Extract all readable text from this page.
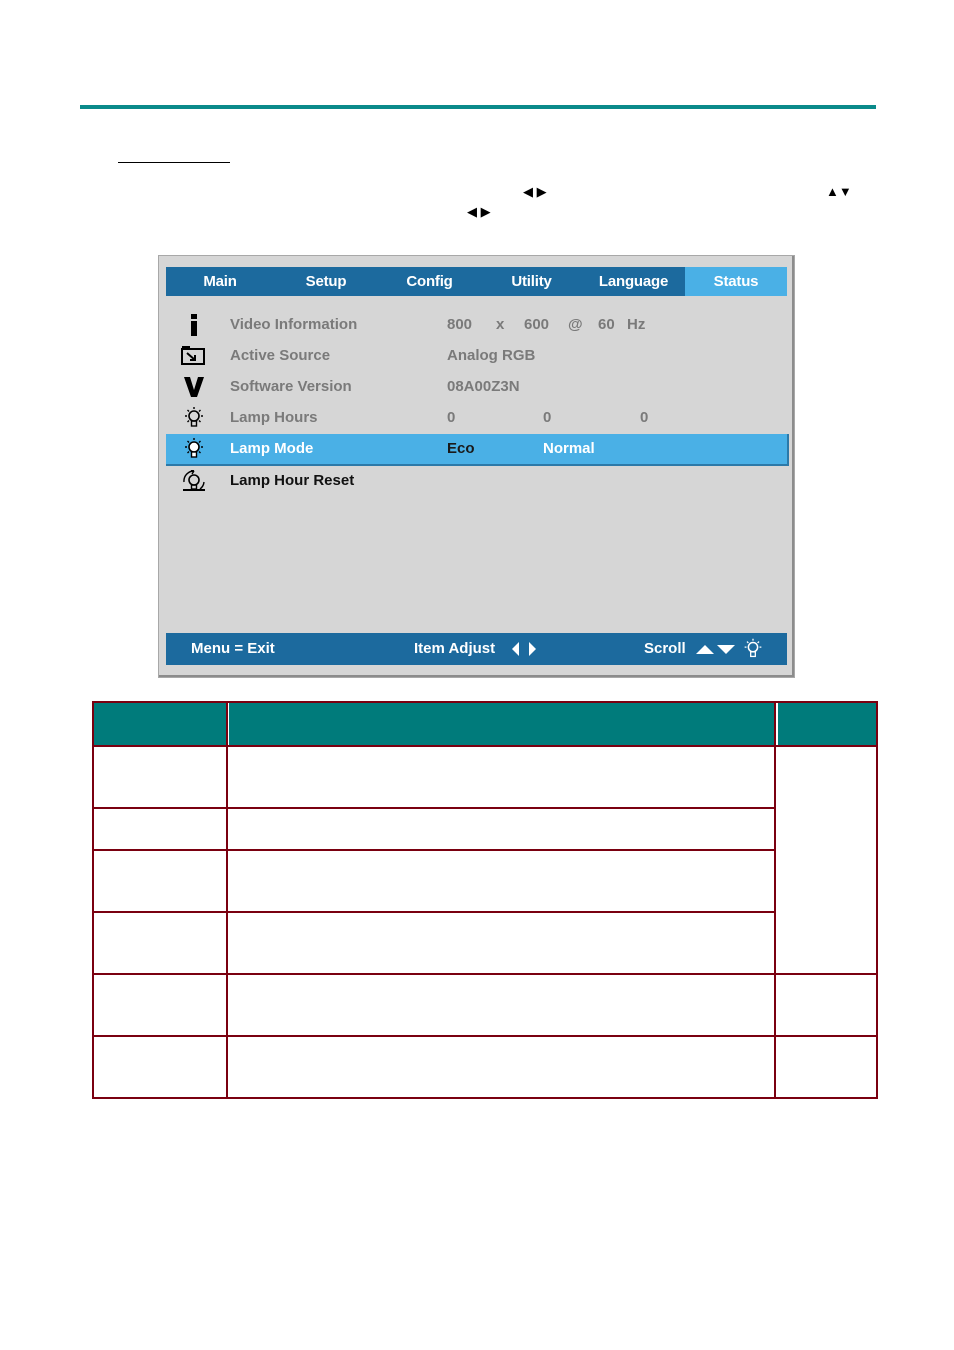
◀ ▶	▲▼
◀ ▶
Main	Setup	Config	Utility	Language	Status
Video Information	800 x 600 @ 60 Hz
Active Source	Analog RGB
Software Version	08A00Z3N
Lamp Hours	0	0	0
Lamp Mode	Eco	Normal
Lamp Hour Reset
Menu = Exit	Item Adjust	Scroll
